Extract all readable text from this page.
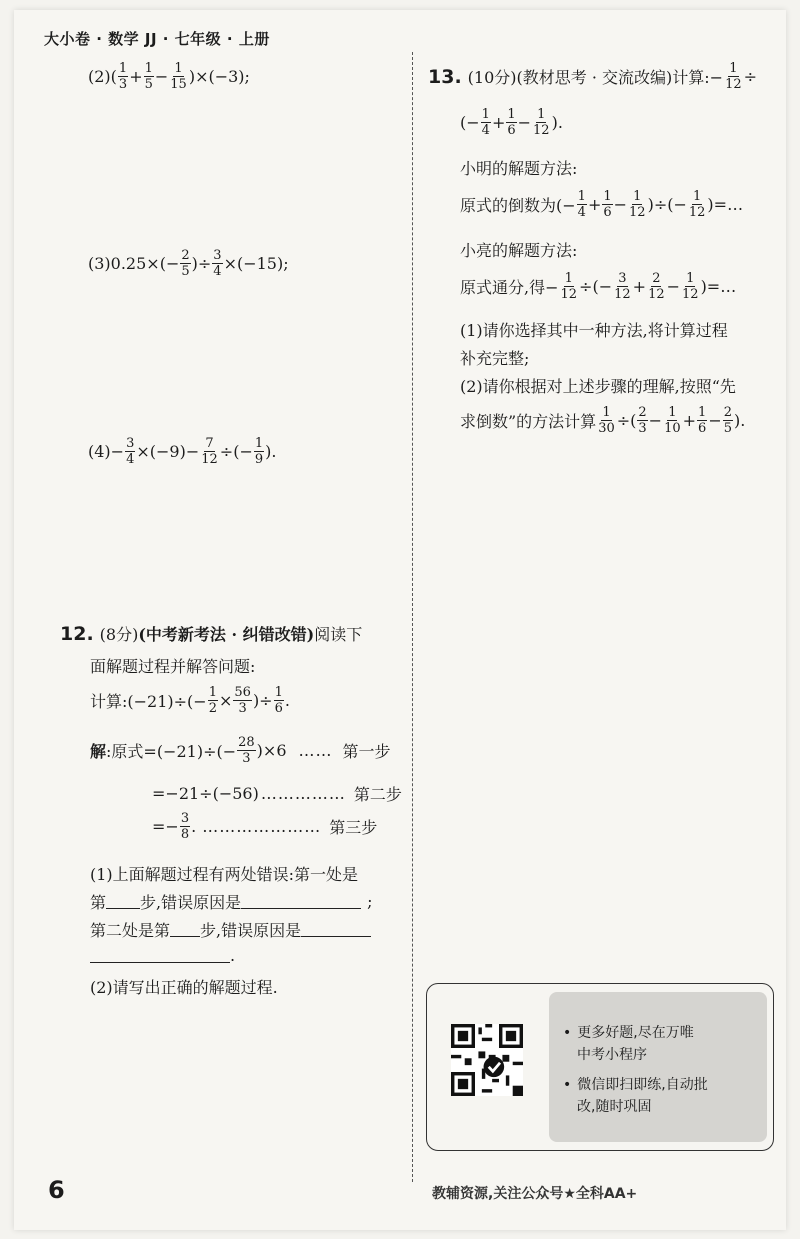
大小卷 · 数学 JJ · 七年级 · 上册
$(2)( \frac{1}{3} + \frac{1}{5} - \frac{1}{15} )\times(-3)$;
$(3)0.25\times(- \frac{2}{5}$ )÷ $\frac{3}{4} \times(-15)$;
$(4)- \frac{3}{4} \times(-9)- \frac{7}{12}$ ÷(− $\frac{1}{9}$ ).
12. (8分) (中考新考法 · 纠错改错) 阅读下
面解题过程并解答问题:
计算:(−21)÷(− $\frac{1}{2} \times \frac{56}{3}$ )÷ $\frac{1}{6}$ .
解 :原式$=(-21)\div(- \frac{28}{3} )\times 6$ …… 第一步
=−21÷(−56) …………… 第二步
=− $\frac{3}{8}$ . ………………… 第三步
(1)上面解题过程有两处错误:第一处是
第 步,错误原因是	;
第二处是第 步,错误原因是
.
(2)请写出正确的解题过程.
13. (10分) (教材思考 · 交流改编) 计算:− $\frac{1}{12}$ ÷
(− $\frac{1}{4} + \frac{1}{6} - \frac{1}{12}$ ).
小明的解题方法:
原式的倒数为(− $\frac{1}{4} + \frac{1}{6} - \frac{1}{12}$ )÷(− $\frac{1}{12}$ )=…
小亮的解题方法:
原式通分,得− $\frac{1}{12}$ ÷(− $\frac{3}{12} + \frac{2}{12} - \frac{1}{12}$ )=…
(1)请你选择其中一种方法,将计算过程
补充完整;
(2)请你根据对上述步骤的理解,按照“先
求倒数”的方法计算 $\frac{1}{30}$ ÷( $\frac{2}{3} - \frac{1}{10} + \frac{1}{6} - \frac{2}{5}$ ).
• 更多好题,尽在万唯
中考小程序
• 微信即扫即练,自动批
改,随时巩固
6	教辅资源,关注公众号★全科AA+
